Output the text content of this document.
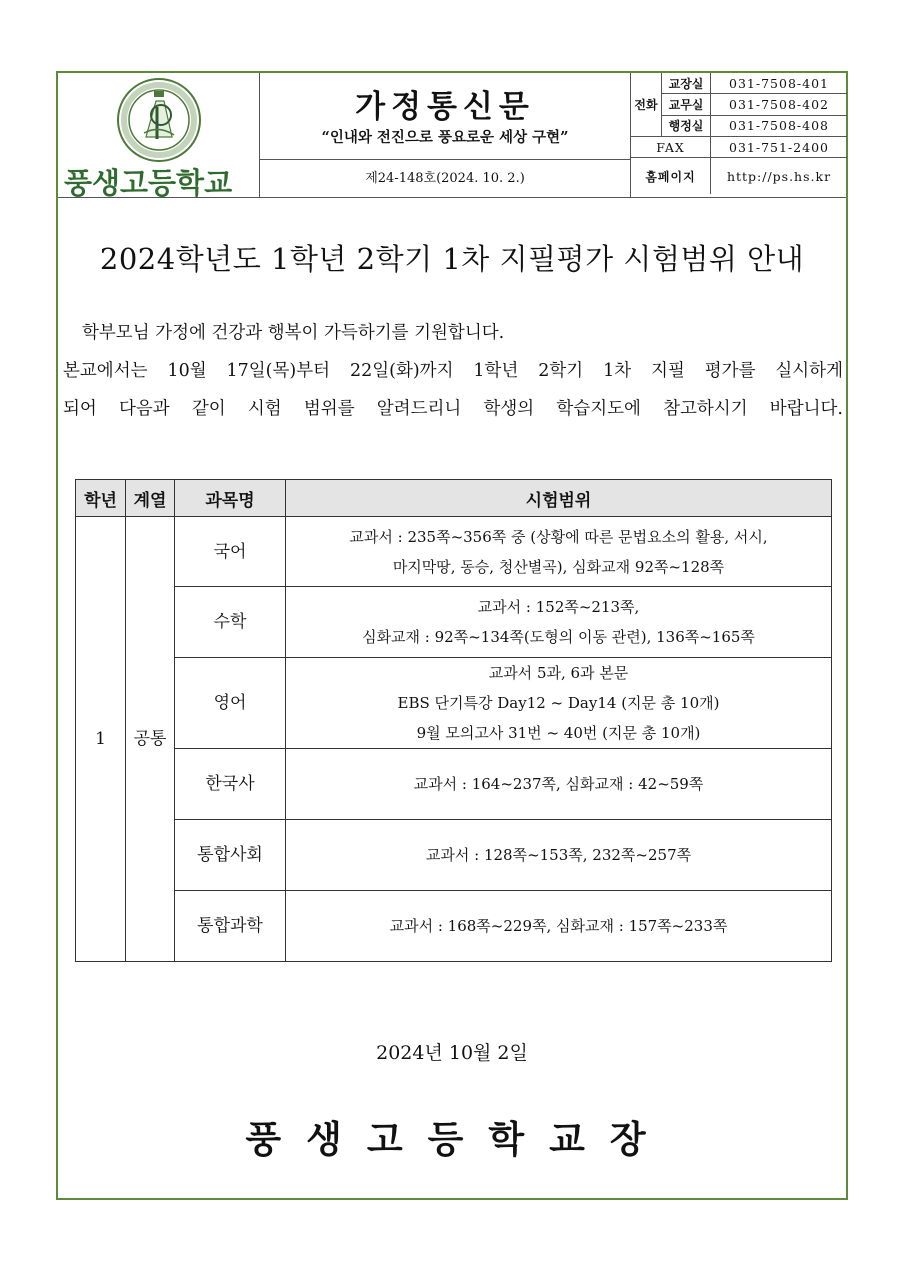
풍생고등학교
가정통신문
“인내와 전진으로 풍요로운 세상 구현”
제24-148호(2024. 10. 2.)
전화	교장실	031-7508-401
	교무실	031-7508-402
	행정실	031-7508-408
FAX		031-751-2400
홈페이지		http://ps.hs.kr
2024학년도 1학년 2학기 1차 지필평가 시험범위 안내
학부모님 가정에 건강과 행복이 가득하기를 기원합니다.
본교에서는 10월 17일(목)부터 22일(화)까지 1학년 2학기 1차 지필 평가를 실시하게
되어 다음과 같이 시험 범위를 알려드리니 학생의 학습지도에 참고하시기 바랍니다.
학년	계열	과목명	시험범위
1	공통	국어	교과서 : 235쪽~356쪽 중 (상황에 따른 문법요소의 활용, 서시,
마지막땅, 동승, 청산별곡), 심화교재 92쪽~128쪽

		수학	교과서 : 152쪽~213쪽,
심화교재 : 92쪽~134쪽(도형의 이동 관련), 136쪽~165쪽

		영어	교과서 5과, 6과 본문
EBS 단기특강 Day12 ~ Day14 (지문 총 10개)
9월 모의고사 31번 ~ 40번 (지문 총 10개)

		한국사	교과서 : 164~237쪽, 심화교재 : 42~59쪽

		통합사회	교과서 : 128쪽~153쪽, 232쪽~257쪽

		통합과학	교과서 : 168쪽~229쪽, 심화교재 : 157쪽~233쪽
2024년 10월 2일
풍생고등학교장
